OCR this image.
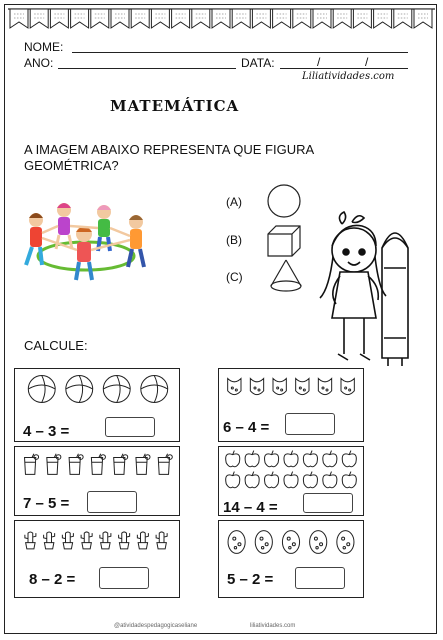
NOME:
ANO:	DATA:	/	/
Liliatividades.com
MATEMÁTICA
A IMAGEM ABAIXO REPRESENTA QUE FIGURA GEOMÉTRICA?
(A)
(B)
(C)
CALCULE:
4 – 3 =	6 – 4 =
7 – 5 =	14 – 4 =
8 – 2 =	5 – 2 =
@atividadespedagogicaseliane	liliatividades.com
